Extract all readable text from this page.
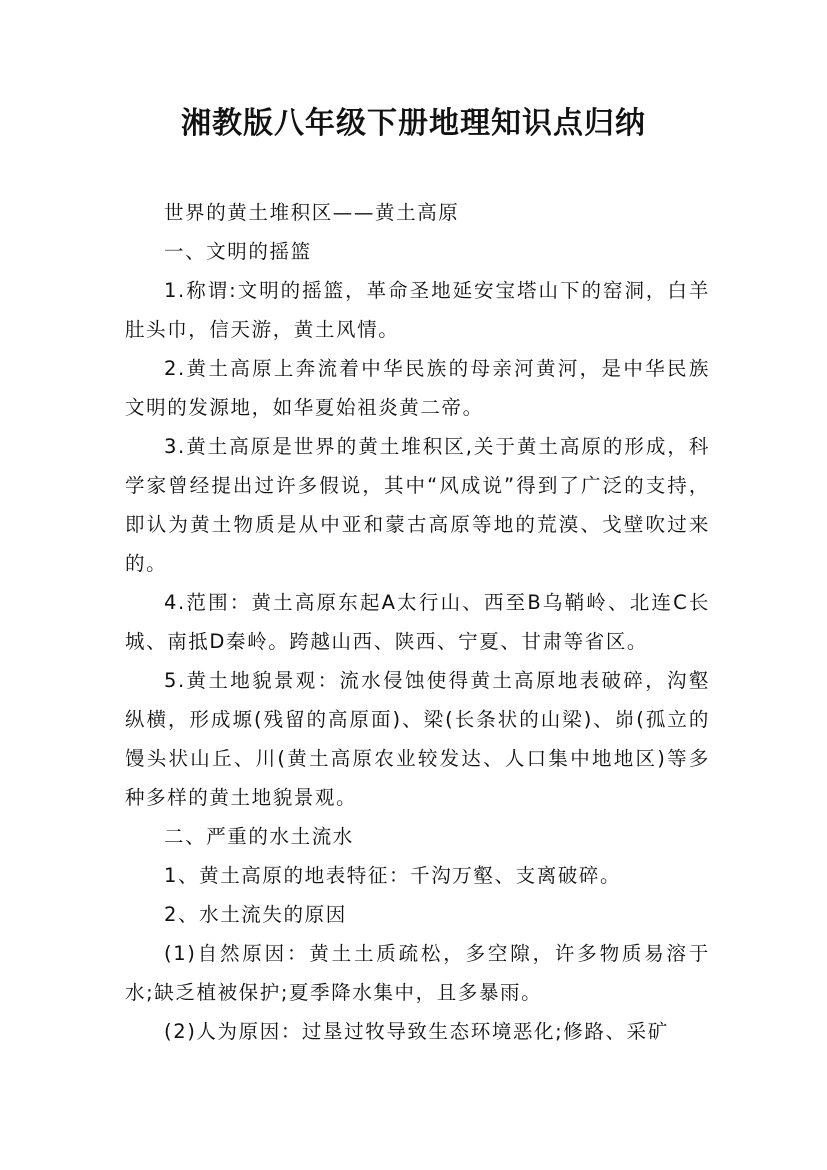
湘教版八年级下册地理知识点归纳

世界的黄土堆积区——黄土高原

一、文明的摇篮

1.称谓:文明的摇篮，革命圣地延安宝塔山下的窑洞，白羊肚头巾，信天游，黄土风情。

2.黄土高原上奔流着中华民族的母亲河黄河，是中华民族文明的发源地，如华夏始祖炎黄二帝。

3.黄土高原是世界的黄土堆积区,关于黄土高原的形成，科学家曾经提出过许多假说，其中“风成说”得到了广泛的支持，即认为黄土物质是从中亚和蒙古高原等地的荒漠、戈壁吹过来的。

4.范围：黄土高原东起A太行山、西至B乌鞘岭、北连C长城、南抵D秦岭。跨越山西、陕西、宁夏、甘肃等省区。

5.黄土地貌景观：流水侵蚀使得黄土高原地表破碎，沟壑纵横，形成塬(残留的高原面)、梁(长条状的山梁)、峁(孤立的馒头状山丘、川(黄土高原农业较发达、人口集中地地区)等多种多样的黄土地貌景观。

二、严重的水土流水

1、黄土高原的地表特征：千沟万壑、支离破碎。

2、水土流失的原因

(1)自然原因：黄土土质疏松，多空隙，许多物质易溶于水;缺乏植被保护;夏季降水集中，且多暴雨。

(2)人为原因：过垦过牧导致生态环境恶化;修路、采矿
